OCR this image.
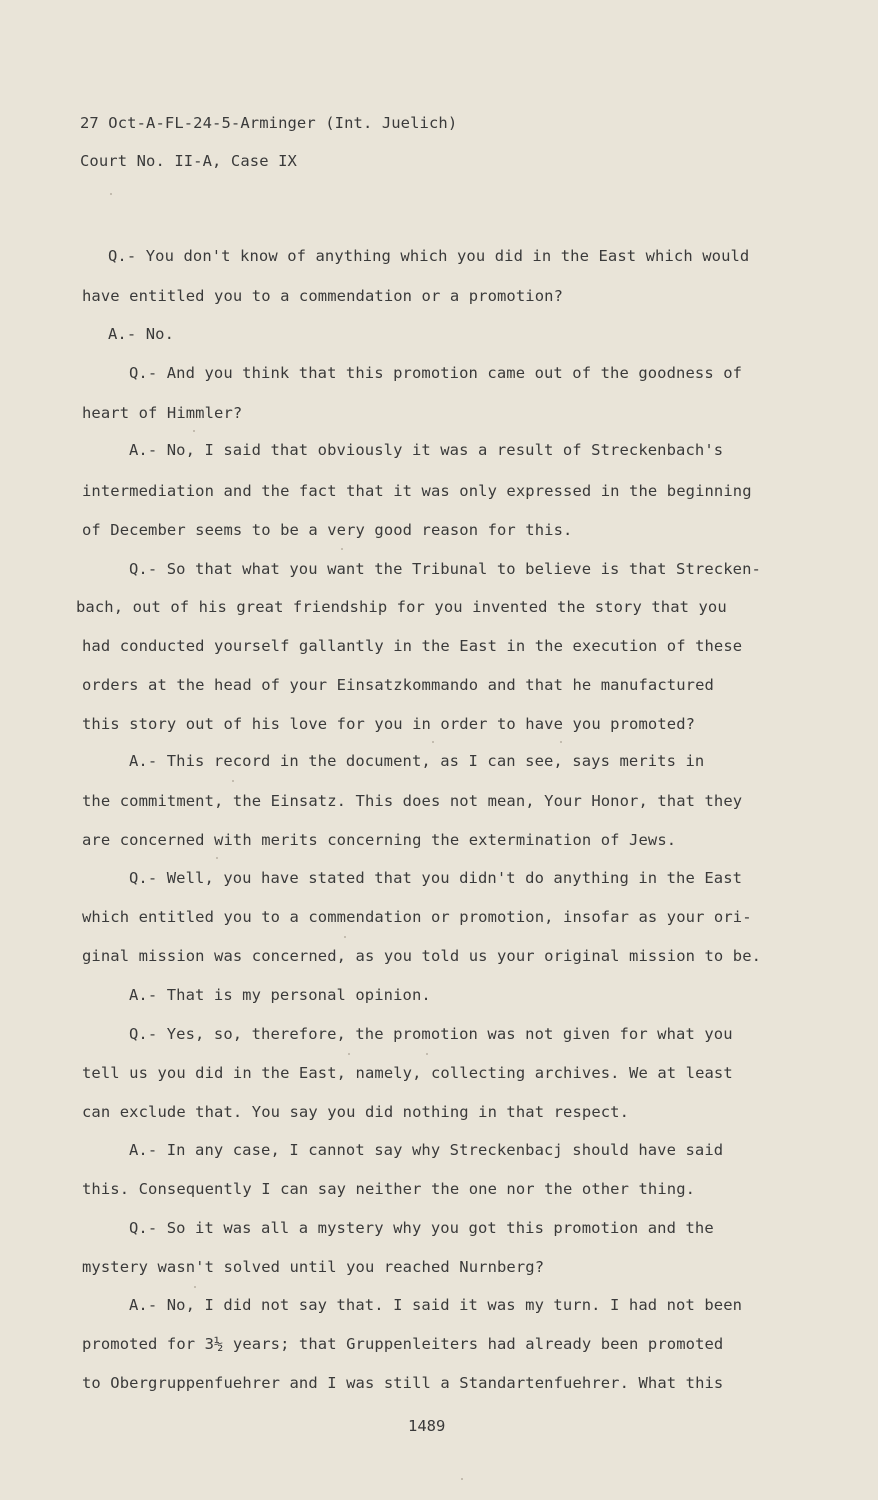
27 Oct-A-FL-24-5-Arminger (Int. Juelich)
Court No. II-A, Case IX
Q.- You don't know of anything which you did in the East which would
have entitled you to a commendation or a promotion?
A.- No.
Q.- And you think that this promotion came out of the goodness of
heart of Himmler?
A.- No, I said that obviously it was a result of Streckenbach's
intermediation and the fact that it was only expressed in the beginning
of December seems to be a very good reason for this.
Q.- So that what you want the Tribunal to believe is that Strecken-
bach, out of his great friendship for you invented the story that you
had conducted yourself gallantly in the East in the execution of these
orders at the head of your Einsatzkommando and that he manufactured
this story out of his love for you in order to have you promoted?
A.- This record in the document, as I can see, says merits in
the commitment, the Einsatz. This does not mean, Your Honor, that they
are concerned with merits concerning the extermination of Jews.
Q.- Well, you have stated that you didn't do anything in the East
which entitled you to a commendation or promotion, insofar as your ori-
ginal mission was concerned, as you told us your original mission to be.
A.- That is my personal opinion.
Q.- Yes, so, therefore, the promotion was not given for what you
tell us you did in the East, namely, collecting archives. We at least
can exclude that. You say you did nothing in that respect.
A.- In any case, I cannot say why Streckenbacj should have said
this. Consequently I can say neither the one nor the other thing.
Q.- So it was all a mystery why you got this promotion and the
mystery wasn't solved until you reached Nurnberg?
A.- No, I did not say that. I said it was my turn. I had not been
promoted for 3½ years; that Gruppenleiters had already been promoted
to Obergruppenfuehrer and I was still a Standartenfuehrer. What this
1489
